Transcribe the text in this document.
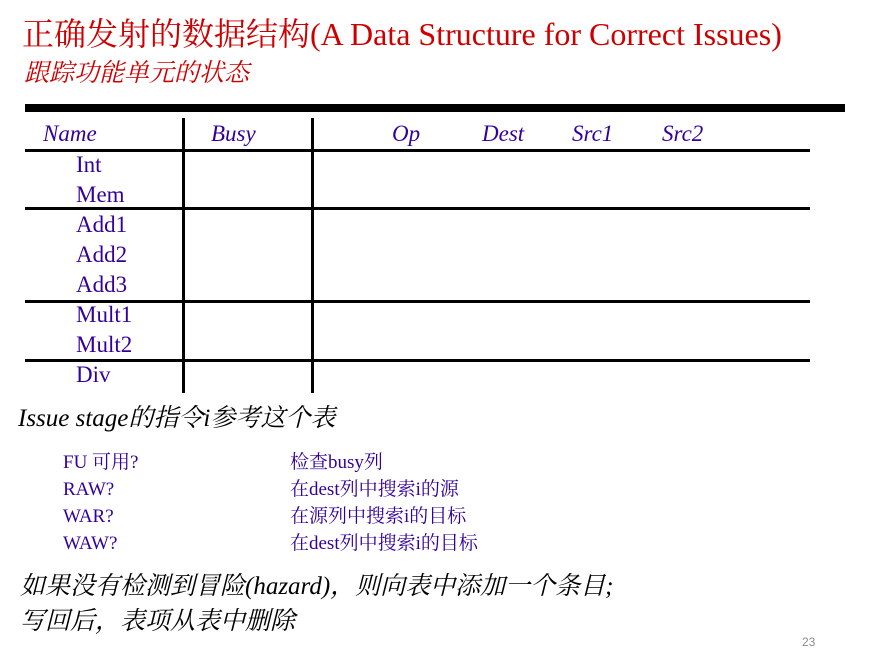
正确发射的数据结构(A Data Structure for Correct Issues)
跟踪功能单元的状态
Name	Busy	Op	Dest Src1 Src2
Int
Mem
Add1
Add2
Add3
Mult1
Mult2
Div
Issue stage的指令i参考这个表
FU 可用?	检查busy列
RAW?	在dest列中搜索i的源
WAR?	在源列中搜索i的目标
WAW?	在dest列中搜索i的目标
如果没有检测到冒险(hazard)，则向表中添加一个条目;
写回后，表项从表中删除
23
